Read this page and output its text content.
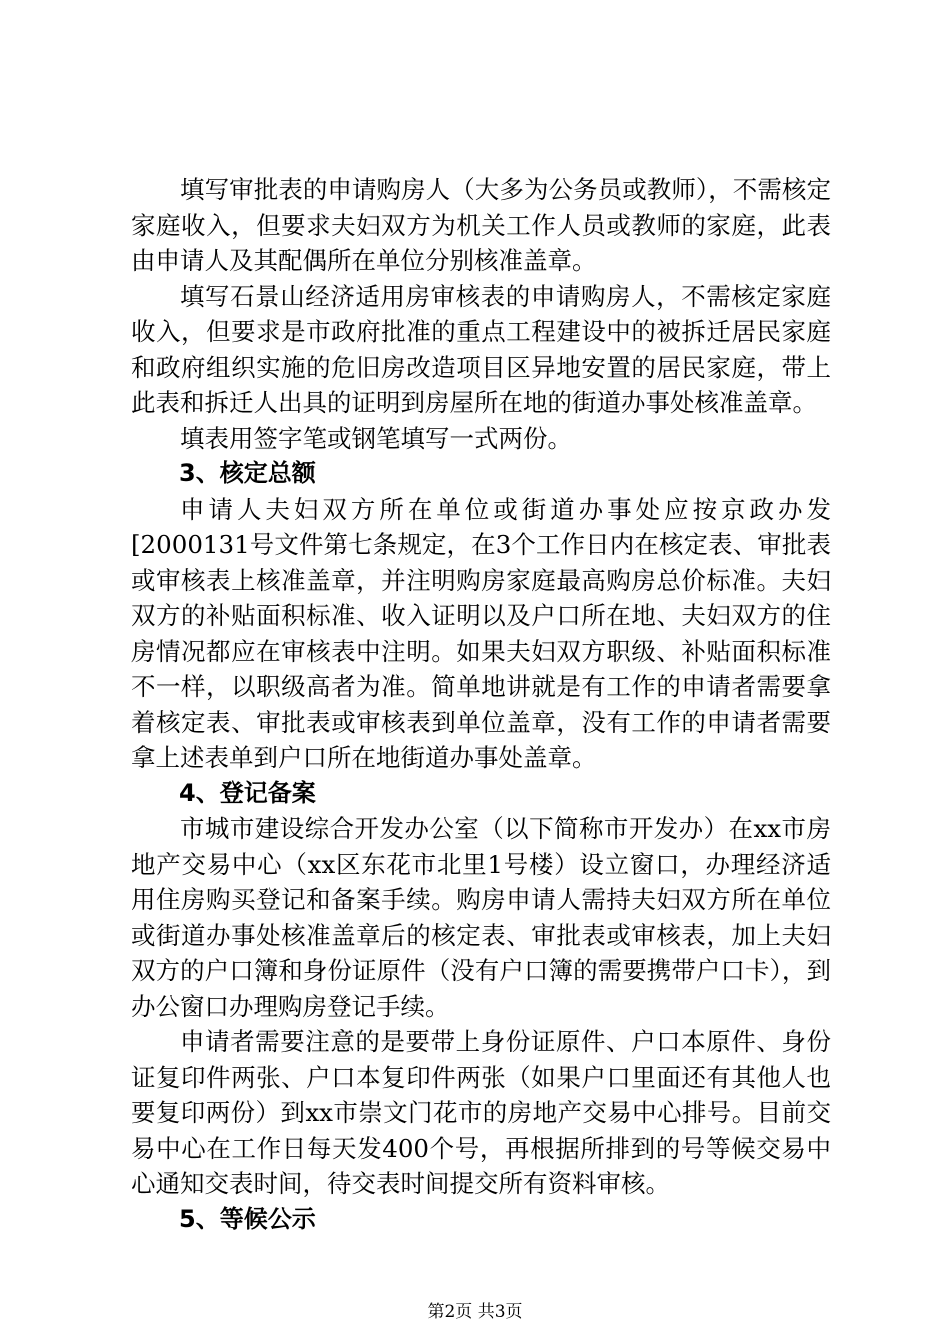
填写审批表的申请购房人（大多为公务员或教师），不需核定家庭收入，但要求夫妇双方为机关工作人员或教师的家庭，此表由申请人及其配偶所在单位分别核准盖章。

填写石景山经济适用房审核表的申请购房人，不需核定家庭收入，但要求是市政府批准的重点工程建设中的被拆迁居民家庭和政府组织实施的危旧房改造项目区异地安置的居民家庭，带上此表和拆迁人出具的证明到房屋所在地的街道办事处核准盖章。

填表用签字笔或钢笔填写一式两份。

3、核定总额

申请人夫妇双方所在单位或街道办事处应按京政办发[2000131号文件第七条规定，在3个工作日内在核定表、审批表或审核表上核准盖章，并注明购房家庭最高购房总价标准。夫妇双方的补贴面积标准、收入证明以及户口所在地、夫妇双方的住房情况都应在审核表中注明。如果夫妇双方职级、补贴面积标准不一样，以职级高者为准。简单地讲就是有工作的申请者需要拿着核定表、审批表或审核表到单位盖章，没有工作的申请者需要拿上述表单到户口所在地街道办事处盖章。

4、登记备案

市城市建设综合开发办公室（以下简称市开发办）在xx市房地产交易中心（xx区东花市北里1号楼）设立窗口，办理经济适用住房购买登记和备案手续。购房申请人需持夫妇双方所在单位或街道办事处核准盖章后的核定表、审批表或审核表，加上夫妇双方的户口簿和身份证原件（没有户口簿的需要携带户口卡），到办公窗口办理购房登记手续。

申请者需要注意的是要带上身份证原件、户口本原件、身份证复印件两张、户口本复印件两张（如果户口里面还有其他人也要复印两份）到xx市崇文门花市的房地产交易中心排号。目前交易中心在工作日每天发400个号，再根据所排到的号等候交易中心通知交表时间，待交表时间提交所有资料审核。

5、等候公示

第2页 共3页
